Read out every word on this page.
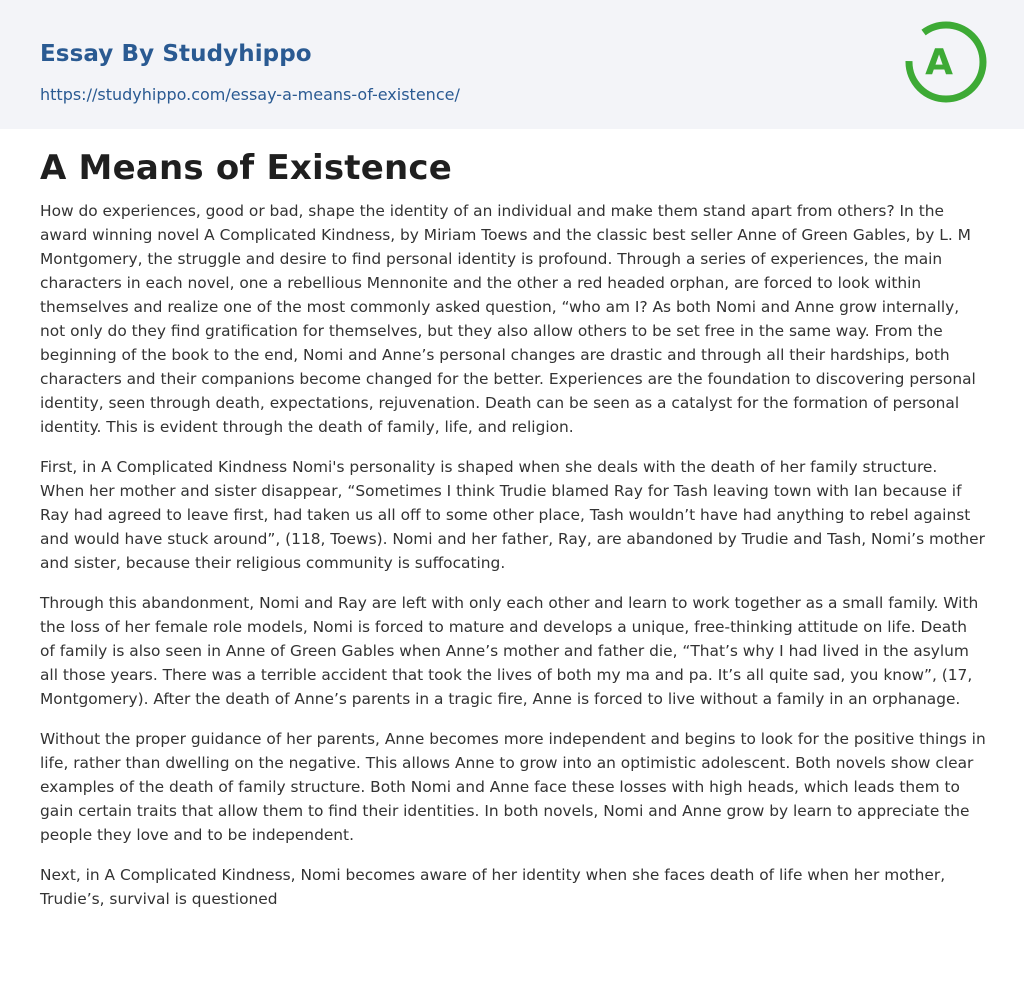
Essay By Studyhippo
https://studyhippo.com/essay-a-means-of-existence/
A
A Means of Existence

How do experiences, good or bad, shape the identity of an individual and make them stand apart from others? In the award winning novel A Complicated Kindness, by Miriam Toews and the classic best seller Anne of Green Gables, by L. M Montgomery, the struggle and desire to find personal identity is profound. Through a series of experiences, the main characters in each novel, one a rebellious Mennonite and the other a red headed orphan, are forced to look within themselves and realize one of the most commonly asked question, “who am I? As both Nomi and Anne grow internally, not only do they find gratification for themselves, but they also allow others to be set free in the same way. From the beginning of the book to the end, Nomi and Anne’s personal changes are drastic and through all their hardships, both characters and their companions become changed for the better. Experiences are the foundation to discovering personal identity, seen through death, expectations, rejuvenation. Death can be seen as a catalyst for the formation of personal identity. This is evident through the death of family, life, and religion.

First, in A Complicated Kindness Nomi's personality is shaped when she deals with the death of her family structure. When her mother and sister disappear, “Sometimes I think Trudie blamed Ray for Tash leaving town with Ian because if Ray had agreed to leave first, had taken us all off to some other place, Tash wouldn’t have had anything to rebel against and would have stuck around”, (118, Toews). Nomi and her father, Ray, are abandoned by Trudie and Tash, Nomi’s mother and sister, because their religious community is suffocating.

Through this abandonment, Nomi and Ray are left with only each other and learn to work together as a small family. With the loss of her female role models, Nomi is forced to mature and develops a unique, free-thinking attitude on life. Death of family is also seen in Anne of Green Gables when Anne’s mother and father die, “That’s why I had lived in the asylum all those years. There was a terrible accident that took the lives of both my ma and pa. It’s all quite sad, you know”, (17, Montgomery). After the death of Anne’s parents in a tragic fire, Anne is forced to live without a family in an orphanage.

Without the proper guidance of her parents, Anne becomes more independent and begins to look for the positive things in life, rather than dwelling on the negative. This allows Anne to grow into an optimistic adolescent. Both novels show clear examples of the death of family structure. Both Nomi and Anne face these losses with high heads, which leads them to gain certain traits that allow them to find their identities. In both novels, Nomi and Anne grow by learn to appreciate the people they love and to be independent.

Next, in A Complicated Kindness, Nomi becomes aware of her identity when she faces death of life when her mother, Trudie’s, survival is questioned
